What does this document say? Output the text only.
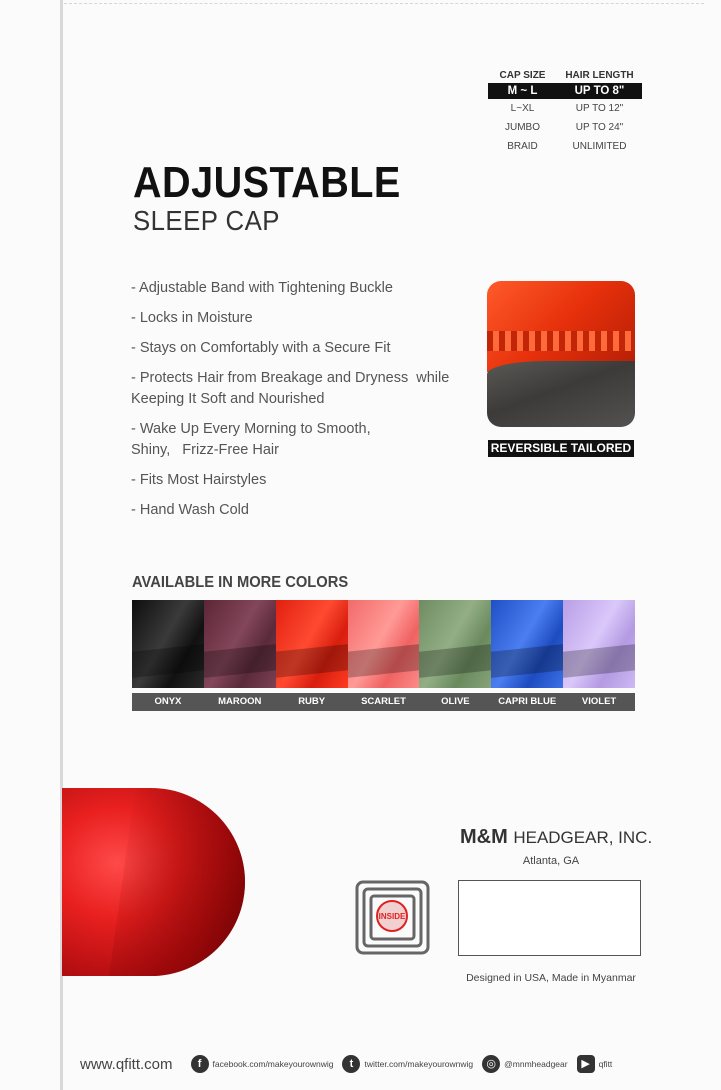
CAP SIZE	HAIR LENGTH
M ~ L	UP TO 8"
L~XL	UP TO 12"
JUMBO	UP TO 24"
BRAID	UNLIMITED
ADJUSTABLE
SLEEP CAP
- Adjustable Band with Tightening Buckle
- Locks in Moisture
- Stays on Comfortably with a Secure Fit
- Protects Hair from Breakage and Dryness  while Keeping It Soft and Nourished
- Wake Up Every Morning to Smooth, Shiny,   Frizz-Free Hair
- Fits Most Hairstyles
- Hand Wash Cold
REVERSIBLE TAILORED
AVAILABLE IN MORE COLORS
ONYX	MAROON	RUBY	SCARLET	OLIVE	CAPRI BLUE	VIOLET
M&M HEADGEAR, INC.
Atlanta, GA
INSIDE
Designed in USA, Made in Myanmar
www.qfitt.com	f	facebook.com/makeyourownwig	t	twitter.com/makeyourownwig	◎ @mnmheadgear	▶	qfitt
